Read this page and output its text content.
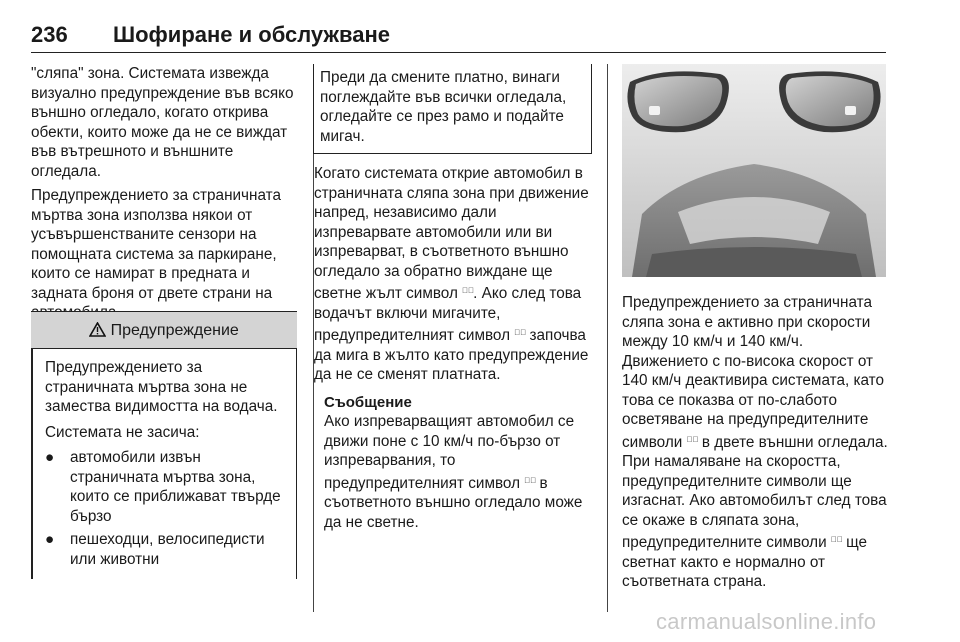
236 Шофиране и обслужване

"сляпа" зона. Системата извежда визуално предупреждение във всяко външно огледало, когато открива обекти, които може да не се виждат във вътрешното и външните огледала.

Предупреждението за страничната мъртва зона използва някои от усъвършенстваните сензори на помощната система за паркиране, които се намират в предната и задната броня от двете страни на

Предупреждение

Предупреждението за страничната мъртва зона не замества видимостта на водача.

Системата не засича:

● автомобили извън страничната мъртва зона, които се приближават твърде бързо
● пешеходци, велосипедисти или животни
Преди да смените платно, винаги поглеждайте във всички огледала, огледайте се през рамо и подайте мигач.

Когато системата открие автомобил в страничната сляпа зона при движение напред, независимо дали изпреварвате автомобили или ви изпреварват, в съответното външно огледало за обратно виждане ще светне жълт символ ⊿⃝. Ако след това водачът включи мигачите, предупредителният символ ⊿⃝ започва да мига в жълто като предупреждение да не се сменят платната.

Съобщение

Ако изпреварващият автомобил се движи поне с 10 км/ч по-бързо от изпреварвания, то предупредителният символ ⊿⃝ в съответното външно огледало може да не светне.

Предупреждението за страничната сляпа зона е активно при скорости между 10 км/ч и 140 км/ч. Движението с по-висока скорост от 140 км/ч деактивира системата, като това се показва от по-слабото осветяване на предупредителните символи ⊿⃝ в двете външни огледала. При намаляване на скоростта, предупредителните символи ще изгаснат. Ако автомобилът след това се окаже в сляпата зона, предупредителните символи ⊿⃝ ще светнат както е нормално от съответната страна.

carmanualsonline.info
